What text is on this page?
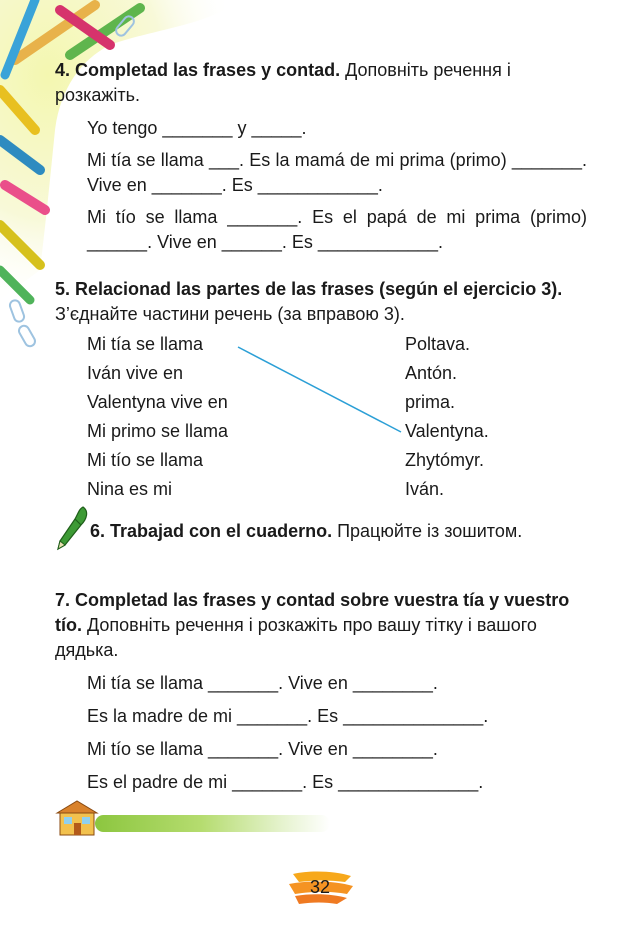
4. Completad las frases y contad. Доповніть речення і розкажіть.
Yo tengo _______ y _____.
Mi tía se llama ___. Es la mamá de mi prima (primo) _______. Vive en _______. Es ____________.
Mi tío se llama _______. Es el papá de mi prima (primo) ______. Vive en ______. Es ____________.
5. Relacionad las partes de las frases (según el ejercicio 3). З’єднайте частини речень (за вправою 3).
Mi tía se llama
Iván vive en
Valentyna vive en
Mi primo se llama
Mi tío se llama
Nina es mi
Poltava.
Antón.
prima.
Valentyna.
Zhytómyr.
Iván.
6. Trabajad con el cuaderno. Працюйте із зошитом.
7. Completad las frases y contad sobre vuestra tía y vuestro tío. Доповніть речення і розкажіть про вашу тітку і вашого дядька.
Mi tía se llama _______. Vive en ________.
Es la madre de mi _______. Es ______________.
Mi tío se llama _______. Vive en ________.
Es el padre de mi _______. Es ______________.
32
